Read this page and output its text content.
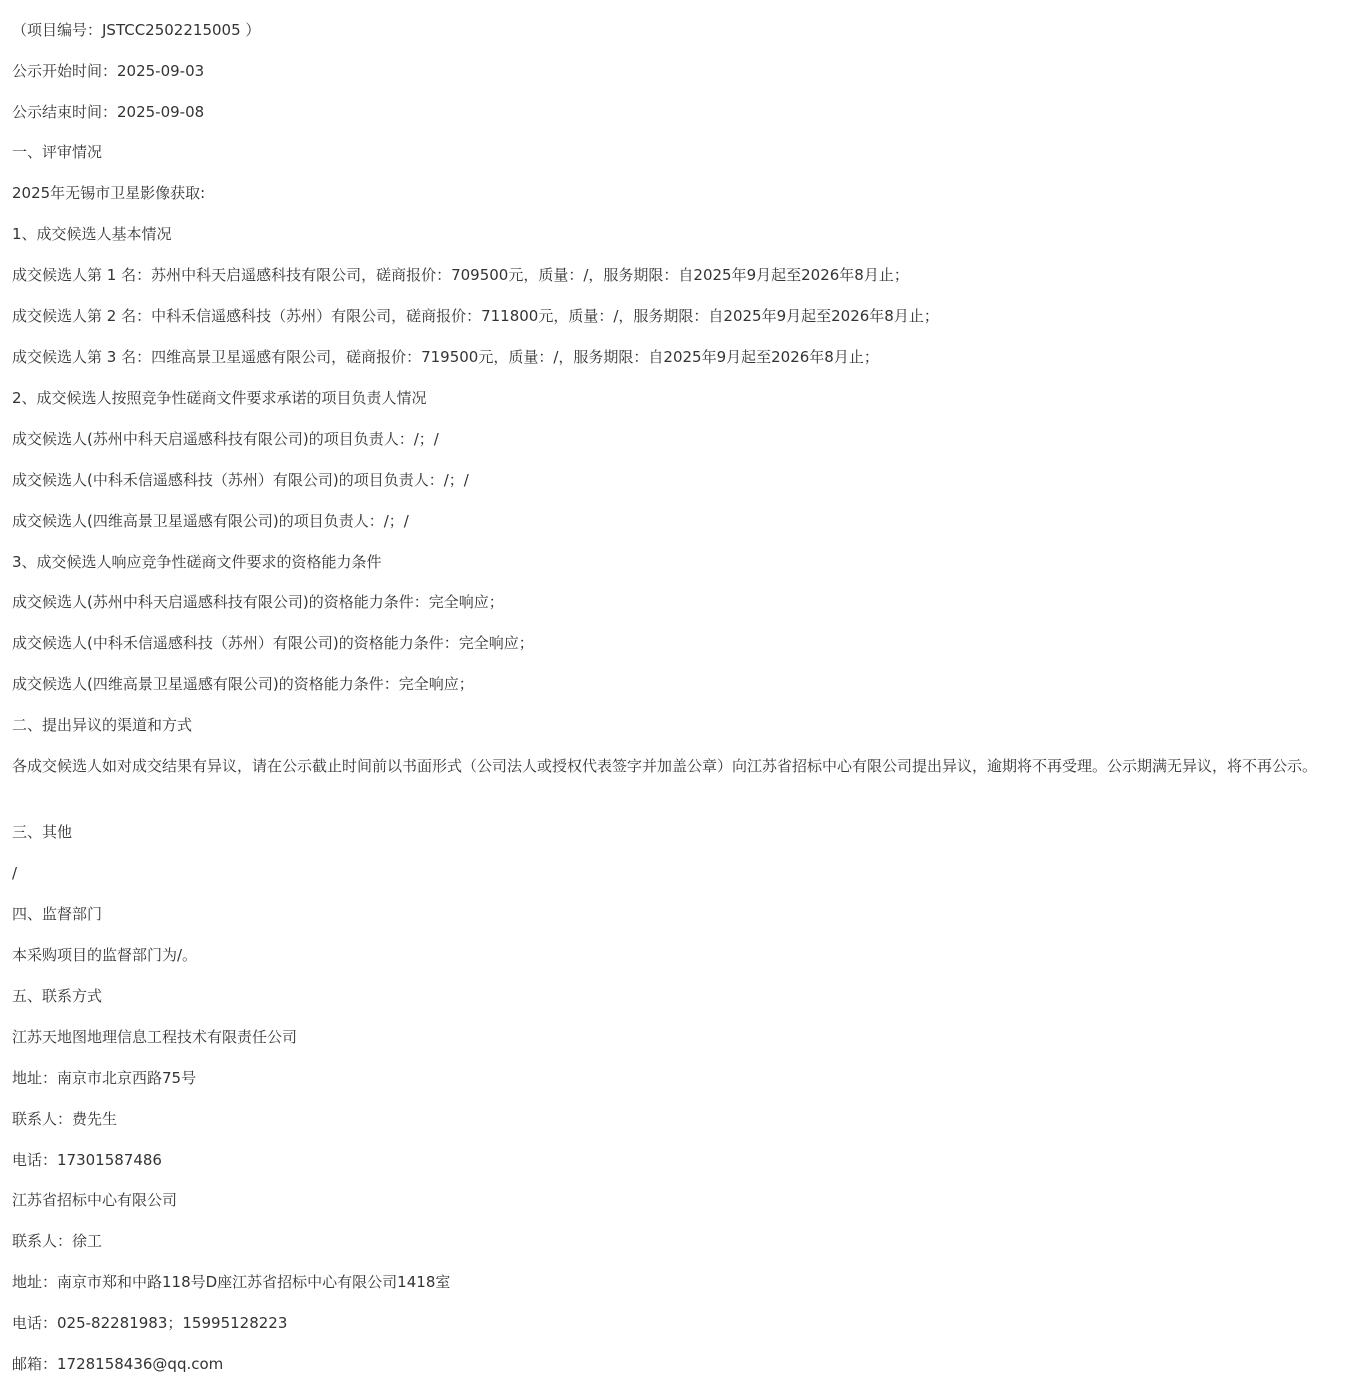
（项目编号：JSTCC2502215005 ）
公示开始时间：2025-09-03
公示结束时间：2025-09-08
一、评审情况
2025年无锡市卫星影像获取:
1、成交候选人基本情况
成交候选人第 1 名：苏州中科天启遥感科技有限公司，磋商报价：709500元，质量：/，服务期限：自2025年9月起至2026年8月止；
成交候选人第 2 名：中科禾信遥感科技（苏州）有限公司，磋商报价：711800元，质量：/，服务期限：自2025年9月起至2026年8月止；
成交候选人第 3 名：四维高景卫星遥感有限公司，磋商报价：719500元，质量：/，服务期限：自2025年9月起至2026年8月止；
2、成交候选人按照竞争性磋商文件要求承诺的项目负责人情况
成交候选人(苏州中科天启遥感科技有限公司)的项目负责人：/；/
成交候选人(中科禾信遥感科技（苏州）有限公司)的项目负责人：/；/
成交候选人(四维高景卫星遥感有限公司)的项目负责人：/；/
3、成交候选人响应竞争性磋商文件要求的资格能力条件
成交候选人(苏州中科天启遥感科技有限公司)的资格能力条件：完全响应；
成交候选人(中科禾信遥感科技（苏州）有限公司)的资格能力条件：完全响应；
成交候选人(四维高景卫星遥感有限公司)的资格能力条件：完全响应；
二、提出异议的渠道和方式
各成交候选人如对成交结果有异议，请在公示截止时间前以书面形式（公司法人或授权代表签字并加盖公章）向江苏省招标中心有限公司提出异议，逾期将不再受理。公示期满无异议，将不再公示。
三、其他
/
四、监督部门
本采购项目的监督部门为/。
五、联系方式
江苏天地图地理信息工程技术有限责任公司
地址：南京市北京西路75号
联系人：费先生
电话：17301587486
江苏省招标中心有限公司
联系人：徐工
地址：南京市郑和中路118号D座江苏省招标中心有限公司1418室
电话：025-82281983；15995128223
邮箱：1728158436@qq.com
